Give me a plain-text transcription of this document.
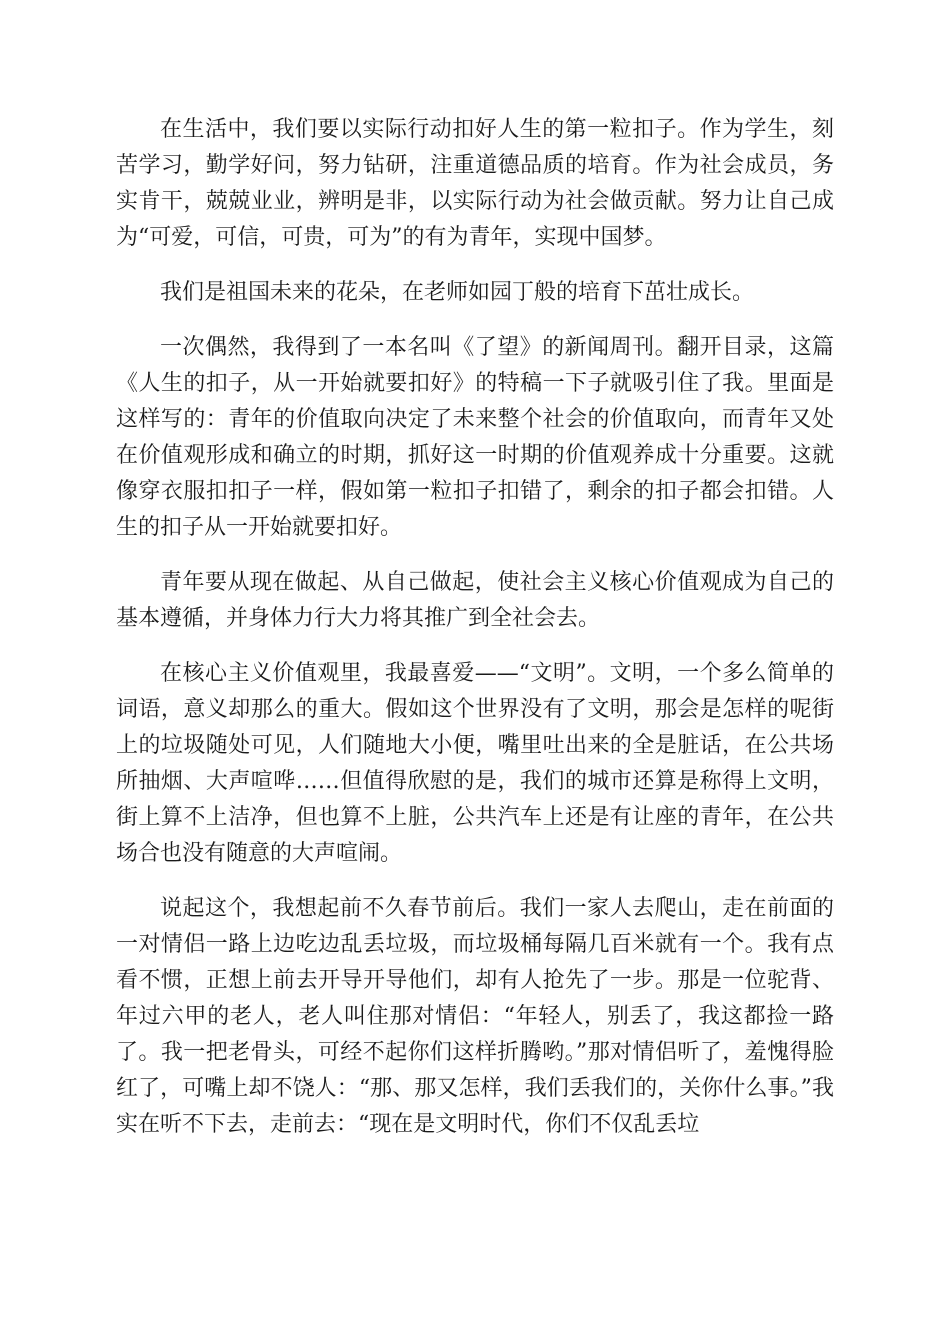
在生活中，我们要以实际行动扣好人生的第一粒扣子。作为学生，刻苦学习，勤学好问，努力钻研，注重道德品质的培育。作为社会成员，务实肯干，兢兢业业，辨明是非，以实际行动为社会做贡献。努力让自己成为“可爱，可信，可贵，可为”的有为青年，实现中国梦。

我们是祖国未来的花朵，在老师如园丁般的培育下茁壮成长。

一次偶然，我得到了一本名叫《了望》的新闻周刊。翻开目录，这篇《人生的扣子，从一开始就要扣好》的特稿一下子就吸引住了我。里面是这样写的：青年的价值取向决定了未来整个社会的价值取向，而青年又处在价值观形成和确立的时期，抓好这一时期的价值观养成十分重要。这就像穿衣服扣扣子一样，假如第一粒扣子扣错了，剩余的扣子都会扣错。人生的扣子从一开始就要扣好。

青年要从现在做起、从自己做起，使社会主义核心价值观成为自己的基本遵循，并身体力行大力将其推广到全社会去。

在核心主义价值观里，我最喜爱——“文明”。文明，一个多么简单的词语，意义却那么的重大。假如这个世界没有了文明，那会是怎样的呢街上的垃圾随处可见，人们随地大小便，嘴里吐出来的全是脏话，在公共场所抽烟、大声喧哗……但值得欣慰的是，我们的城市还算是称得上文明，街上算不上洁净，但也算不上脏，公共汽车上还是有让座的青年，在公共场合也没有随意的大声喧闹。

说起这个，我想起前不久春节前后。我们一家人去爬山，走在前面的一对情侣一路上边吃边乱丢垃圾，而垃圾桶每隔几百米就有一个。我有点看不惯，正想上前去开导开导他们，却有人抢先了一步。那是一位驼背、年过六甲的老人，老人叫住那对情侣：“年轻人，别丢了，我这都捡一路了。我一把老骨头，可经不起你们这样折腾哟。”那对情侣听了，羞愧得脸红了，可嘴上却不饶人：“那、那又怎样，我们丢我们的，关你什么事。”我实在听不下去，走前去：“现在是文明时代，你们不仅乱丢垃
